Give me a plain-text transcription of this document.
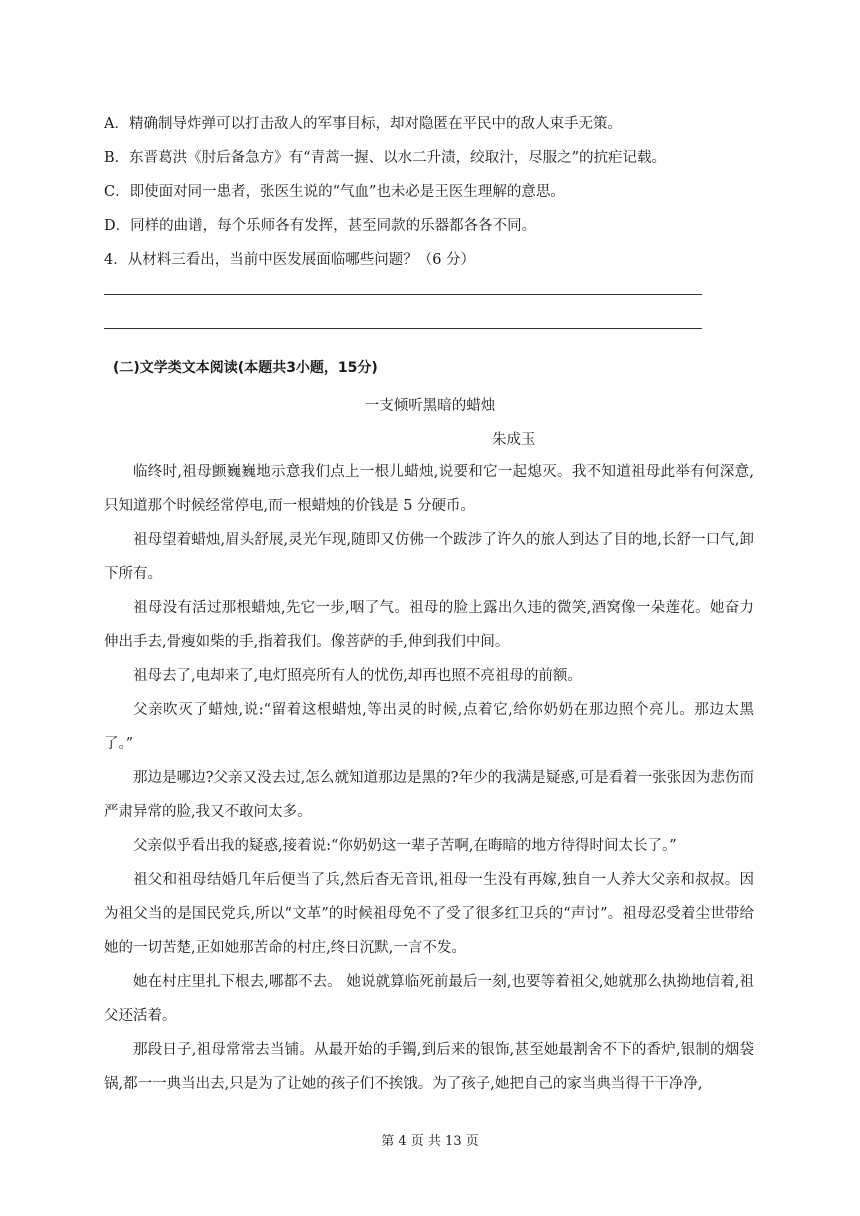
A．精确制导炸弹可以打击敌人的军事目标，却对隐匿在平民中的敌人束手无策。
B．东晋葛洪《肘后备急方》有“青蒿一握、以水二升渍，绞取汁，尽服之”的抗疟记载。
C．即使面对同一患者，张医生说的“气血”也未必是王医生理解的意思。
D．同样的曲谱，每个乐师各有发挥，甚至同款的乐器都各各不同。
4．从材料三看出，当前中医发展面临哪些问题？（6 分）
(二)文学类文本阅读(本题共3小题，15分)
一支倾听黑暗的蜡烛
朱成玉
临终时,祖母颤巍巍地示意我们点上一根儿蜡烛,说要和它一起熄灭。我不知道祖母此举有何深意,只知道那个时候经常停电,而一根蜡烛的价钱是 5 分硬币。
祖母望着蜡烛,眉头舒展,灵光乍现,随即又仿佛一个跋涉了许久的旅人到达了目的地,长舒一口气,卸下所有。
祖母没有活过那根蜡烛,先它一步,咽了气。祖母的脸上露出久违的微笑,酒窝像一朵莲花。她奋力伸出手去,骨瘦如柴的手,指着我们。像菩萨的手,伸到我们中间。
祖母去了,电却来了,电灯照亮所有人的忧伤,却再也照不亮祖母的前额。
父亲吹灭了蜡烛,说:“留着这根蜡烛,等出灵的时候,点着它,给你奶奶在那边照个亮儿。那边太黑了。”
那边是哪边?父亲又没去过,怎么就知道那边是黑的?年少的我满是疑惑,可是看着一张张因为悲伤而严肃异常的脸,我又不敢问太多。
父亲似乎看出我的疑惑,接着说:“你奶奶这一辈子苦啊,在晦暗的地方待得时间太长了。”
祖父和祖母结婚几年后便当了兵,然后杳无音讯,祖母一生没有再嫁,独自一人养大父亲和叔叔。因为祖父当的是国民党兵,所以“文革”的时候祖母免不了受了很多红卫兵的“声讨”。祖母忍受着尘世带给她的一切苦楚,正如她那苦命的村庄,终日沉默,一言不发。
她在村庄里扎下根去,哪都不去。 她说就算临死前最后一刻,也要等着祖父,她就那么执拗地信着,祖父还活着。
那段日子,祖母常常去当铺。从最开始的手镯,到后来的银饰,甚至她最割舍不下的香炉,银制的烟袋锅,都一一典当出去,只是为了让她的孩子们不挨饿。为了孩子,她把自己的家当典当得干干净净,
第 4 页 共 13 页
